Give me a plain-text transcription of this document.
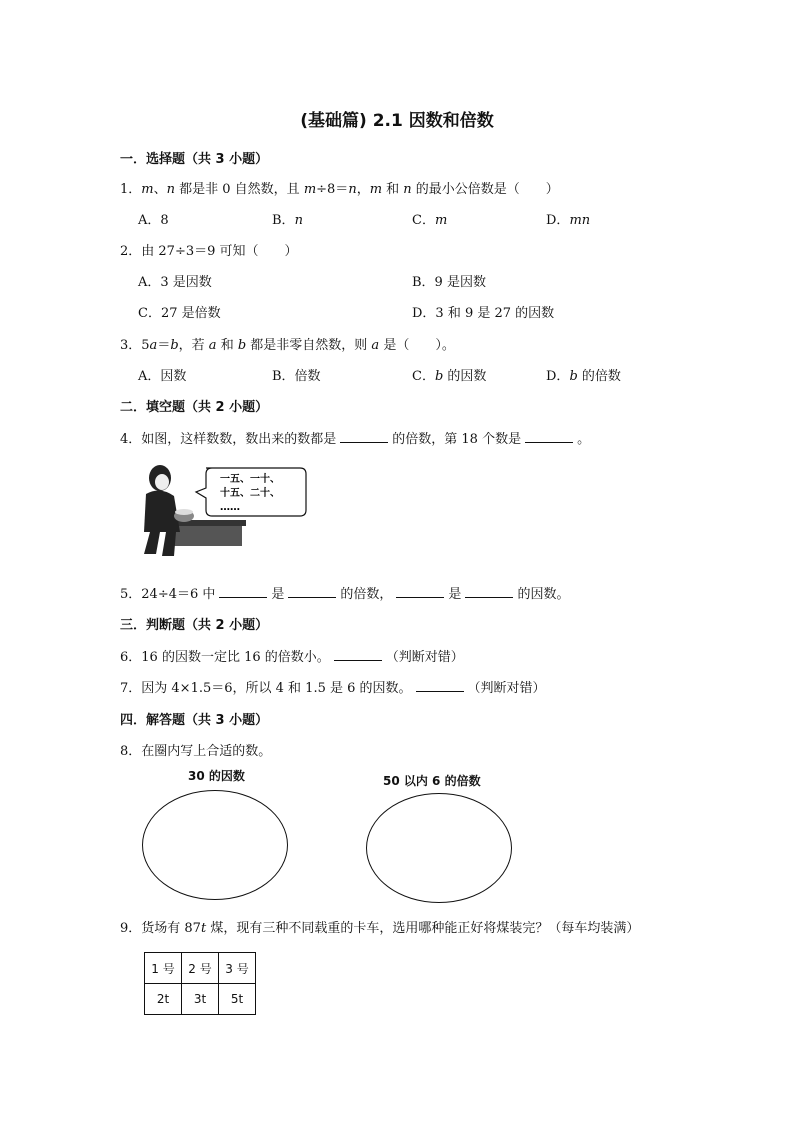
(基础篇) 2.1 因数和倍数
一．选择题（共 3 小题）
1．m、n 都是非 0 自然数，且 m÷8＝n，m 和 n 的最小公倍数是（　　）
A．8	B．n	C．m	D．mn
2．由 27÷3＝9 可知（　　）
A．3 是因数	B．9 是因数
C．27 是倍数	D．3 和 9 是 27 的因数
3．5a＝b，若 a 和 b 都是非零自然数，则 a 是（　　）。
A．因数	B．倍数	C．b 的因数	D．b 的倍数
二．填空题（共 2 小题）
4．如图，这样数数，数出来的数都是	的倍数，第 18 个数是	。
一五、一十、
十五、二十、
……
5．24÷4＝6 中	是	的倍数，	是	的因数。
三．判断题（共 2 小题）
6．16 的因数一定比 16 的倍数小。	（判断对错）
7．因为 4×1.5＝6，所以 4 和 1.5 是 6 的因数。	（判断对错）
四．解答题（共 3 小题）
8．在圈内写上合适的数。
30 的因数	50 以内 6 的倍数
9．货场有 87t 煤，现有三种不同载重的卡车，选用哪种能正好将煤装完？（每车均装满）
1 号	2 号	3 号
2t	3t	5t
